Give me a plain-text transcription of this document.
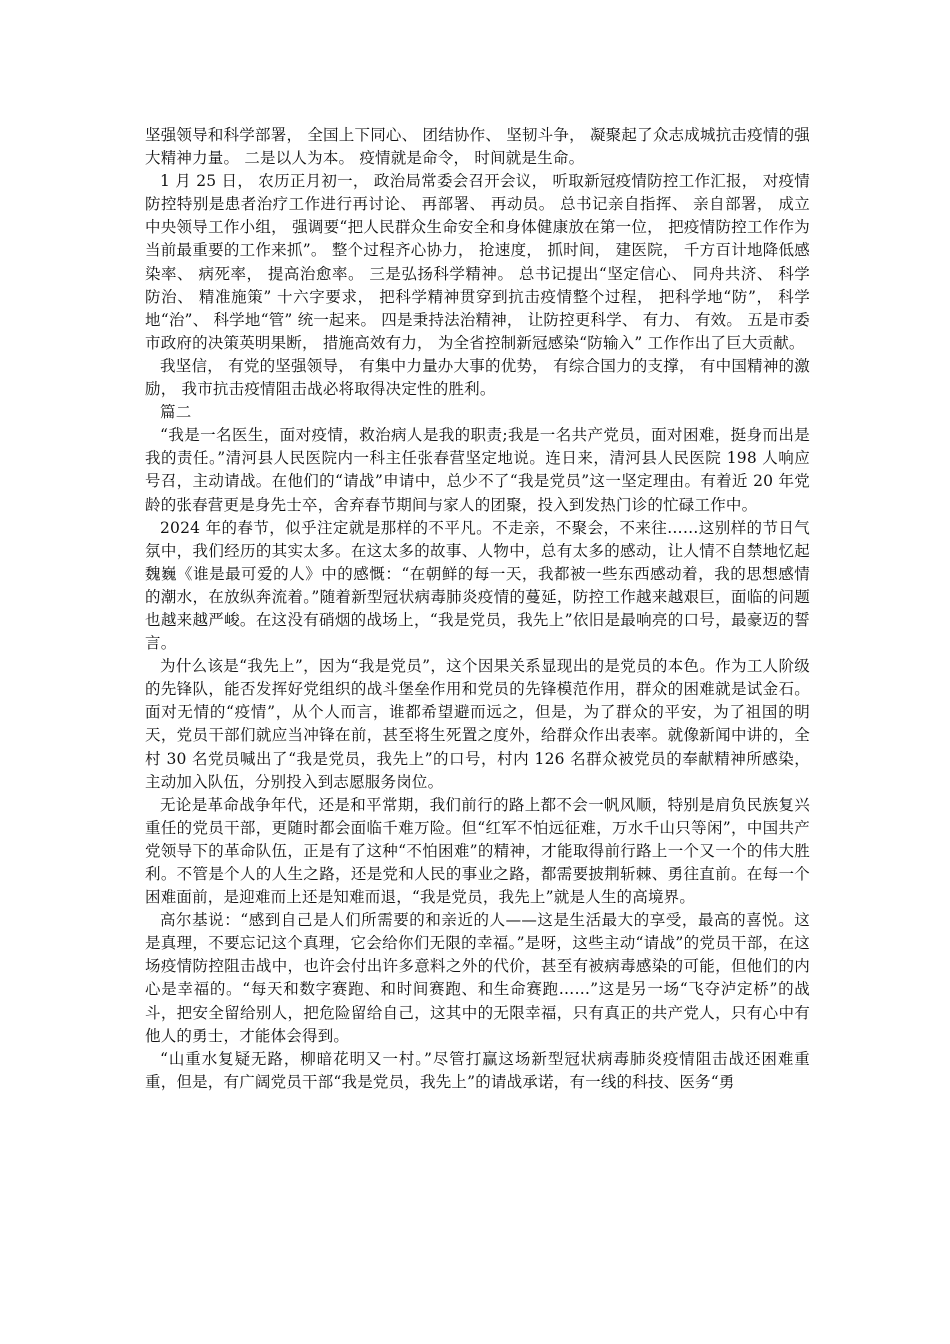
坚强领导和科学部署， 全国上下同心、 团结协作、 坚韧斗争， 凝聚起了众志成城抗击疫情的强大精神力量。 二是以人为本。 疫情就是命令， 时间就是生命。

1 月 25 日， 农历正月初一， 政治局常委会召开会议， 听取新冠疫情防控工作汇报， 对疫情防控特别是患者治疗工作进行再讨论、 再部署、 再动员。 总书记亲自指挥、 亲自部署， 成立中央领导工作小组， 强调要“把人民群众生命安全和身体健康放在第一位， 把疫情防控工作作为当前最重要的工作来抓”。 整个过程齐心协力， 抢速度， 抓时间， 建医院， 千方百计地降低感染率、 病死率， 提高治愈率。 三是弘扬科学精神。 总书记提出“坚定信心、 同舟共济、 科学防治、 精准施策” 十六字要求， 把科学精神贯穿到抗击疫情整个过程， 把科学地“防”， 科学地“治”、 科学地“管” 统一起来。 四是秉持法治精神， 让防控更科学、 有力、 有效。 五是市委市政府的决策英明果断， 措施高效有力， 为全省控制新冠感染“防输入” 工作作出了巨大贡献。

我坚信， 有党的坚强领导， 有集中力量办大事的优势， 有综合国力的支撑， 有中国精神的激励， 我市抗击疫情阻击战必将取得决定性的胜利。

篇二

“我是一名医生，面对疫情，救治病人是我的职责;我是一名共产党员，面对困难，挺身而出是我的责任。”清河县人民医院内一科主任张春营坚定地说。连日来，清河县人民医院 198 人响应号召，主动请战。在他们的“请战”申请中，总少不了“我是党员”这一坚定理由。有着近 20 年党龄的张春营更是身先士卒，舍弃春节期间与家人的团聚，投入到发热门诊的忙碌工作中。

2024 年的春节，似乎注定就是那样的不平凡。不走亲，不聚会，不来往……这别样的节日气氛中，我们经历的其实太多。在这太多的故事、人物中，总有太多的感动，让人情不自禁地忆起魏巍《谁是最可爱的人》中的感慨：“在朝鲜的每一天，我都被一些东西感动着，我的思想感情的潮水，在放纵奔流着。”随着新型冠状病毒肺炎疫情的蔓延，防控工作越来越艰巨，面临的问题也越来越严峻。在这没有硝烟的战场上，“我是党员，我先上”依旧是最响亮的口号，最豪迈的誓言。

为什么该是“我先上”，因为“我是党员”，这个因果关系显现出的是党员的本色。作为工人阶级的先锋队，能否发挥好党组织的战斗堡垒作用和党员的先锋模范作用，群众的困难就是试金石。面对无情的“疫情”，从个人而言，谁都希望避而远之，但是，为了群众的平安，为了祖国的明天，党员干部们就应当冲锋在前，甚至将生死置之度外，给群众作出表率。就像新闻中讲的，全村 30 名党员喊出了“我是党员，我先上”的口号，村内 126 名群众被党员的奉献精神所感染，主动加入队伍，分别投入到志愿服务岗位。

无论是革命战争年代，还是和平常期，我们前行的路上都不会一帆风顺，特别是肩负民族复兴重任的党员干部，更随时都会面临千难万险。但“红军不怕远征难，万水千山只等闲”，中国共产党领导下的革命队伍，正是有了这种“不怕困难”的精神，才能取得前行路上一个又一个的伟大胜利。不管是个人的人生之路，还是党和人民的事业之路，都需要披荆斩棘、勇往直前。在每一个困难面前，是迎难而上还是知难而退，“我是党员，我先上”就是人生的高境界。

高尔基说：“感到自己是人们所需要的和亲近的人——这是生活最大的享受，最高的喜悦。这是真理，不要忘记这个真理，它会给你们无限的幸福。”是呀，这些主动“请战”的党员干部，在这场疫情防控阻击战中，也许会付出许多意料之外的代价，甚至有被病毒感染的可能，但他们的内心是幸福的。“每天和数字赛跑、和时间赛跑、和生命赛跑……”这是另一场“飞夺泸定桥”的战斗，把安全留给别人，把危险留给自己，这其中的无限幸福，只有真正的共产党人，只有心中有他人的勇士，才能体会得到。

“山重水复疑无路，柳暗花明又一村。”尽管打赢这场新型冠状病毒肺炎疫情阻击战还困难重重，但是，有广阔党员干部“我是党员，我先上”的请战承诺，有一线的科技、医务“勇
